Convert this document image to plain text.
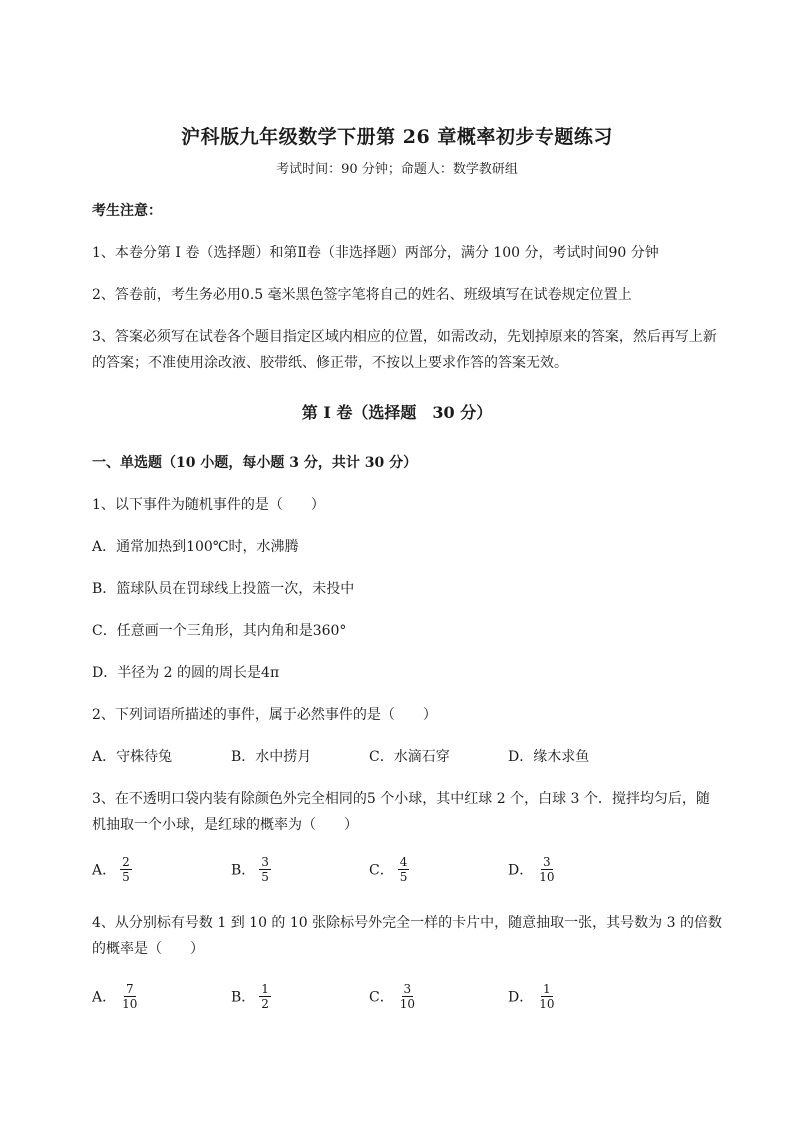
沪科版九年级数学下册第 26 章概率初步专题练习
考试时间：90 分钟；命题人：数学教研组
考生注意：
1、本卷分第 I 卷（选择题）和第Ⅱ卷（非选择题）两部分，满分 100 分，考试时间90 分钟
2、答卷前，考生务必用0.5 毫米黑色签字笔将自己的姓名、班级填写在试卷规定位置上
3、答案必须写在试卷各个题目指定区域内相应的位置，如需改动，先划掉原来的答案，然后再写上新
的答案；不准使用涂改液、胶带纸、修正带，不按以上要求作答的答案无效。
第 I 卷（选择题　30 分）
一、单选题（10 小题，每小题 3 分，共计 30 分）
1、以下事件为随机事件的是（　　）
A．通常加热到100℃时，水沸腾
B．篮球队员在罚球线上投篮一次，未投中
C．任意画一个三角形，其内角和是360°
D．半径为 2 的圆的周长是4π
2、下列词语所描述的事件，属于必然事件的是（　　）
A．守株待兔	B．水中捞月	C．水滴石穿	D．缘木求鱼
3、在不透明口袋内装有除颜色外完全相同的5 个小球，其中红球 2 个，白球 3 个．搅拌均匀后，随
机抽取一个小球，是红球的概率为（　　）
A． $\frac{2}{5}$	B． $\frac{3}{5}$	C． $\frac{4}{5}$	D． $\frac{3}{10}$
4、从分别标有号数 1 到 10 的 10 张除标号外完全一样的卡片中，随意抽取一张，其号数为 3 的倍数
的概率是（　　）
A． $\frac{7}{10}$	B． $\frac{1}{2}$	C． $\frac{3}{10}$	D． $\frac{1}{10}$
